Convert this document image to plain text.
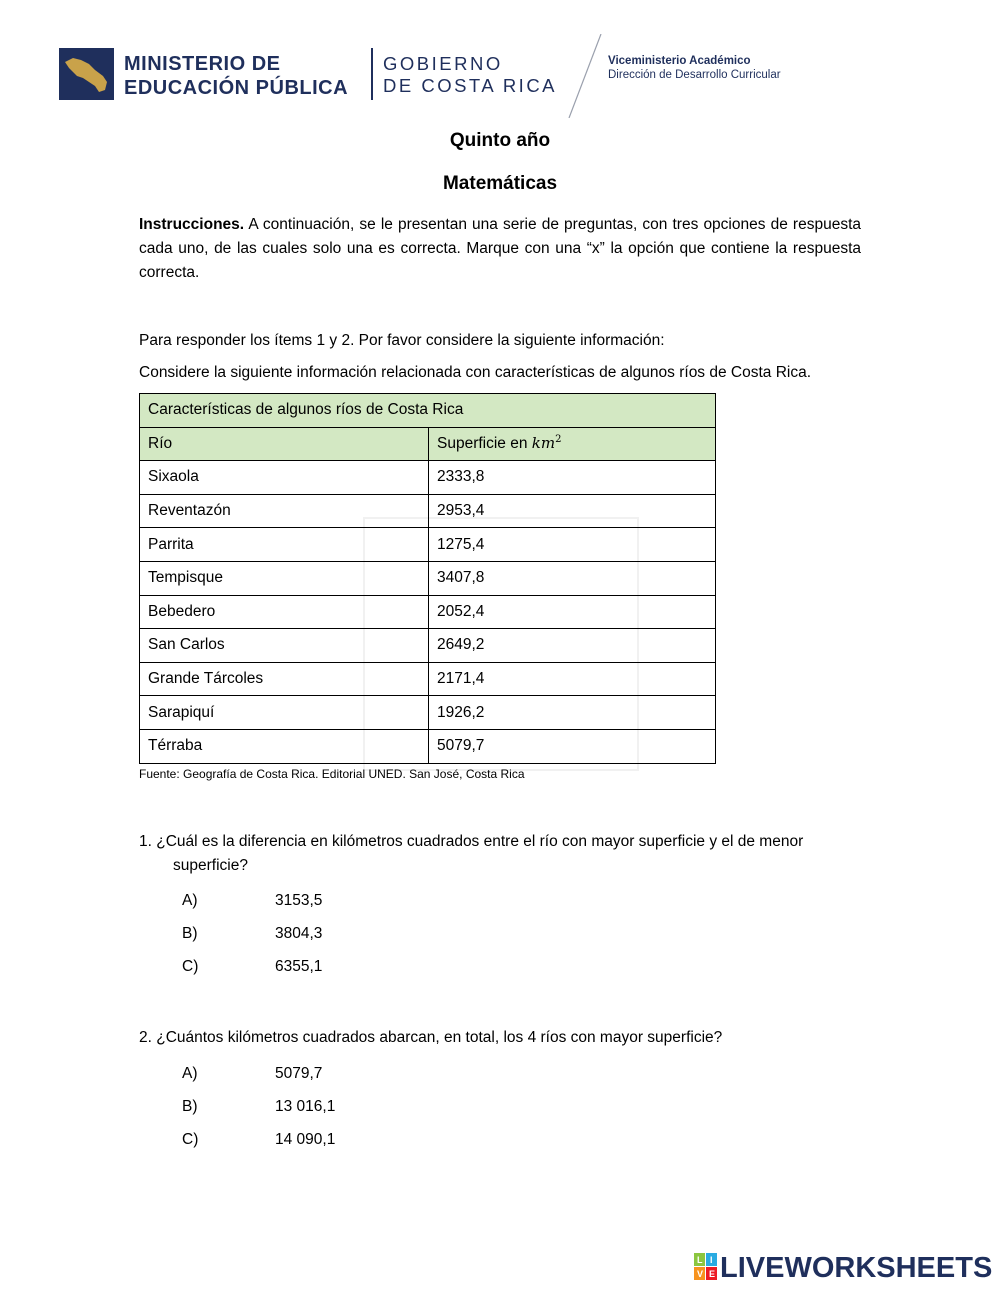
MINISTERIO DE
EDUCACIÓN PÚBLICA
GOBIERNO
DE COSTA RICA
Viceministerio Académico
Dirección de Desarrollo Curricular
Quinto año
Matemáticas
Instrucciones. A continuación, se le presentan una serie de preguntas, con tres opciones de respuesta cada uno, de las cuales solo una es correcta. Marque con una “x” la opción que contiene la respuesta correcta.
Para responder los ítems 1 y 2. Por favor considere la siguiente información:
Considere la siguiente información relacionada con características de algunos ríos de Costa Rica.
Características de algunos ríos de Costa Rica	
Río	Superficie en $km^2$
Sixaola	2333,8
Reventazón	2953,4
Parrita	1275,4
Tempisque	3407,8
Bebedero	2052,4
San Carlos	2649,2
Grande Tárcoles	2171,4
Sarapiquí	1926,2
Térraba	5079,7
Fuente: Geografía de Costa Rica. Editorial UNED. San José, Costa Rica
1. ¿Cuál es la diferencia en kilómetros cuadrados entre el río con mayor superficie y el de menor
superficie?
A)	3153,5
B)	3804,3
C)	6355,1
2. ¿Cuántos kilómetros cuadrados abarcan, en total, los 4 ríos con mayor superficie?
A)	5079,7
B)	13 016,1
C)	14 090,1
L I
V E LIVEWORKSHEETS
